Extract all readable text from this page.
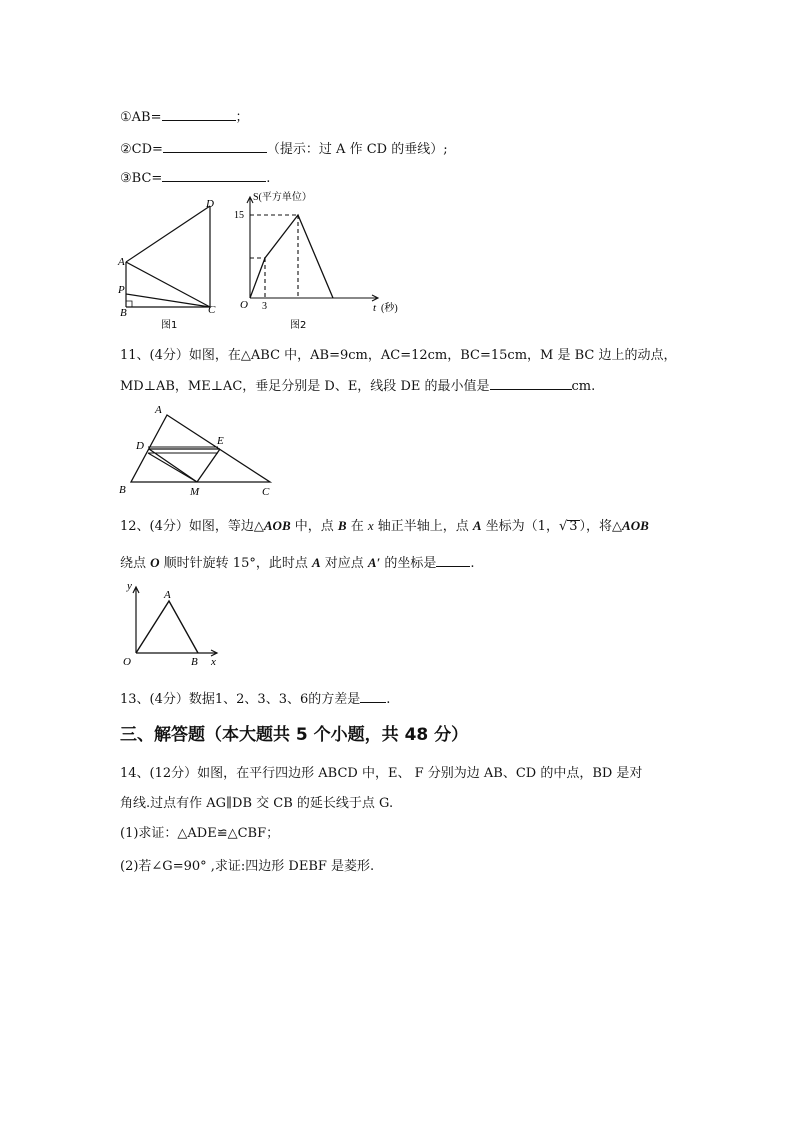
①AB=	；
②CD=	（提示：过 A 作 CD 的垂线）;
③BC=	.
D
A
P
B	C
图1
S(平方单位）
15
O 3	t (秒)
图2
11、(4分）如图，在△ABC 中，AB=9cm，AC=12cm，BC=15cm，M 是 BC 边上的动点，
MD⊥AB，ME⊥AC，垂足分别是 D、E，线段 DE 的最小值是	cm.
A
D	E
B	M	C
12、(4分）如图，等边△AOB 中，点 B 在 x 轴正半轴上，点 A 坐标为（1，√ 3 ），将△AOB
绕点 O 顺时针旋转 15°，此时点 A 对应点 A′ 的坐标是	.
y
A
O	B x
13、(4分）数据1、2、3、3、6的方差是 .
三、解答题（本大题共 5 个小题，共 48 分）
14、(12分）如图，在平行四边形 ABCD 中，E、 F 分别为边 AB、CD 的中点，BD 是对
角线.过点有作 AG∥DB 交 CB 的延长线于点 G.
(1)求证：△ADE≌△CBF；
(2)若∠G=90° ,求证:四边形 DEBF 是菱形.
